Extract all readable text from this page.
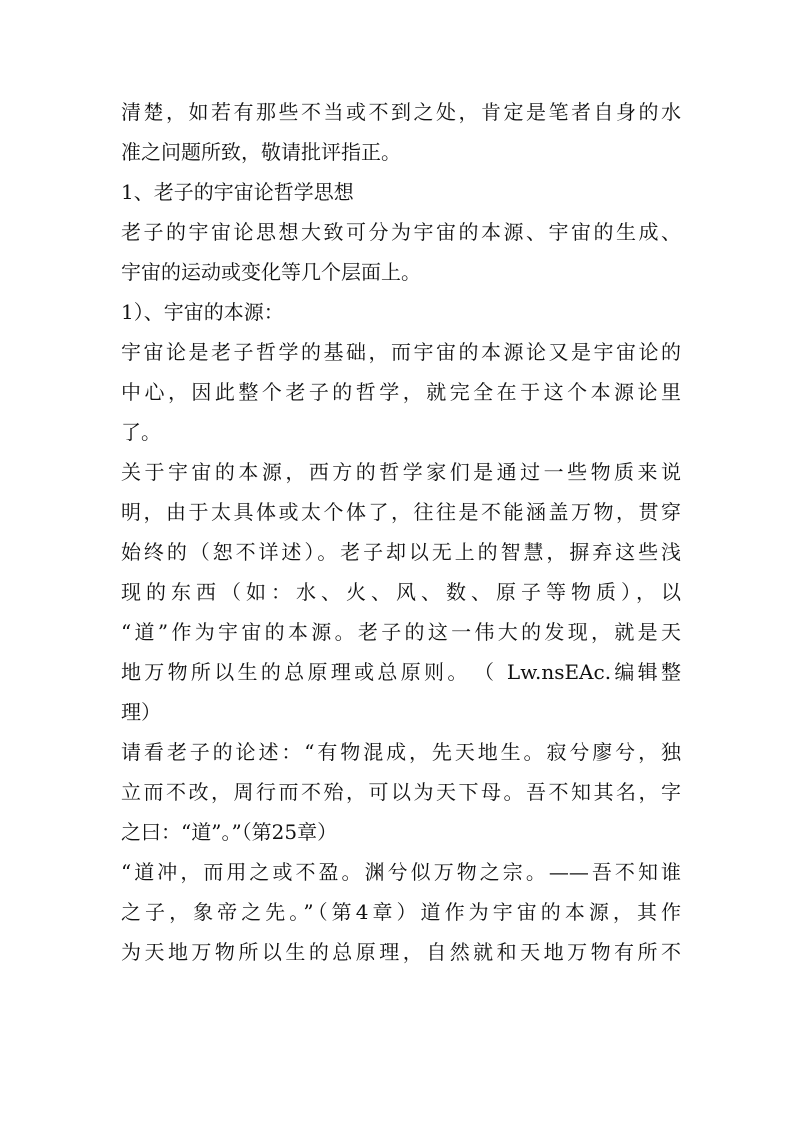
清楚，如若有那些不当或不到之处，肯定是笔者自身的水
准之问题所致，敬请批评指正。
1、老子的宇宙论哲学思想
老子的宇宙论思想大致可分为宇宙的本源、宇宙的生成、
宇宙的运动或变化等几个层面上。
1）、宇宙的本源：
宇宙论是老子哲学的基础，而宇宙的本源论又是宇宙论的
中心，因此整个老子的哲学，就完全在于这个本源论里
了。
关于宇宙的本源，西方的哲学家们是通过一些物质来说
明，由于太具体或太个体了，往往是不能涵盖万物，贯穿
始终的（恕不详述）。老子却以无上的智慧，摒弃这些浅
现的东西（如：水、火、风、数、原子等物质），以
“道”作为宇宙的本源。老子的这一伟大的发现，就是天
地万物所以生的总原理或总原则。　（ Lw.nsEAc.编辑整
理）
请看老子的论述：“有物混成，先天地生。寂兮廖兮，独
立而不改，周行而不殆，可以为天下母。吾不知其名，字
之曰：“道”。”（第25章）
“道冲，而用之或不盈。渊兮似万物之宗。——吾不知谁
之子，象帝之先。”（第4章）道作为宇宙的本源，其作
为天地万物所以生的总原理，自然就和天地万物有所不
